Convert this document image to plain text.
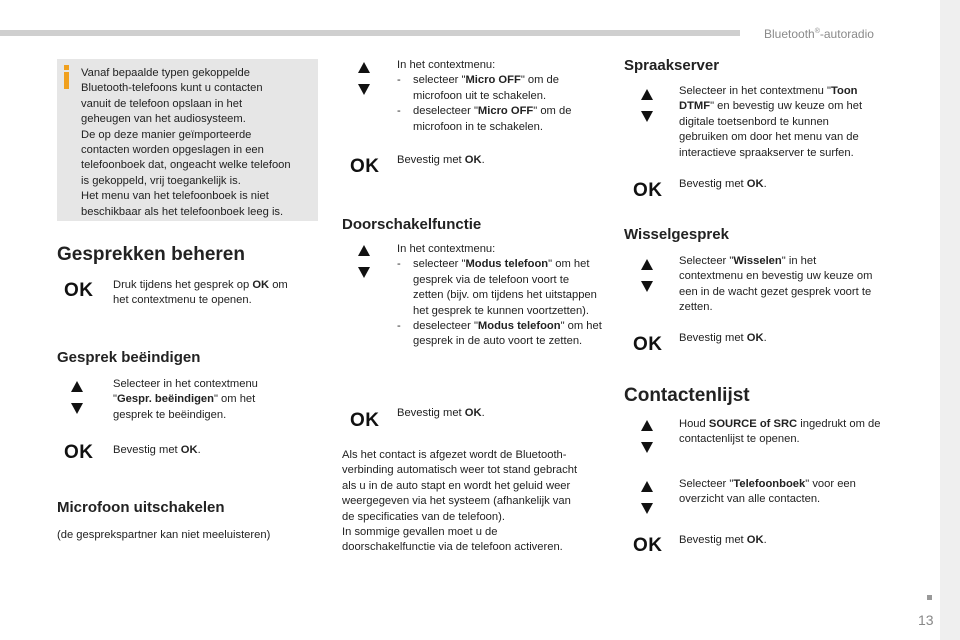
Bluetooth®-autoradio
13
Vanaf bepaalde typen gekoppelde
Bluetooth-telefoons kunt u contacten
vanuit de telefoon opslaan in het
geheugen van het audiosysteem.
De op deze manier geïmporteerde
contacten worden opgeslagen in een
telefoonboek dat, ongeacht welke telefoon
is gekoppeld, vrij toegankelijk is.
Het menu van het telefoonboek is niet
beschikbaar als het telefoonboek leeg is.
Gesprekken beheren
OK Druk tijdens het gesprek op OK om
het contextmenu te openen.
Gesprek beëindigen
Selecteer in het contextmenu
"Gespr. beëindigen" om het
gesprek te beëindigen.
OK Bevestig met OK.
Microfoon uitschakelen
(de gesprekspartner kan niet meeluisteren)
In het contextmenu:
- selecteer "Micro OFF" om de microfoon uit te schakelen.
- deselecteer "Micro OFF" om de microfoon in te schakelen.
OK Bevestig met OK.
Doorschakelfunctie
In het contextmenu:
- selecteer "Modus telefoon" om het gesprek via de telefoon voort te zetten (bijv. om tijdens het uitstappen het gesprek te kunnen voortzetten).
- deselecteer "Modus telefoon" om het gesprek in de auto voort te zetten.
OK Bevestig met OK.
Als het contact is afgezet wordt de Bluetooth-
verbinding automatisch weer tot stand gebracht
als u in de auto stapt en wordt het geluid weer
weergegeven via het systeem (afhankelijk van
de specificaties van de telefoon).
In sommige gevallen moet u de
doorschakelfunctie via de telefoon activeren.
Spraakserver
Selecteer in het contextmenu "Toon DTMF" en bevestig uw keuze om het digitale toetsenbord te kunnen gebruiken om door het menu van de interactieve spraakserver te surfen.
OK Bevestig met OK.
Wisselgesprek
Selecteer "Wisselen" in het contextmenu en bevestig uw keuze om een in de wacht gezet gesprek voort te zetten.
OK Bevestig met OK.
Contactenlijst
Houd SOURCE of SRC ingedrukt om de contactenlijst te openen.
Selecteer "Telefoonboek" voor een overzicht van alle contacten.
OK Bevestig met OK.
